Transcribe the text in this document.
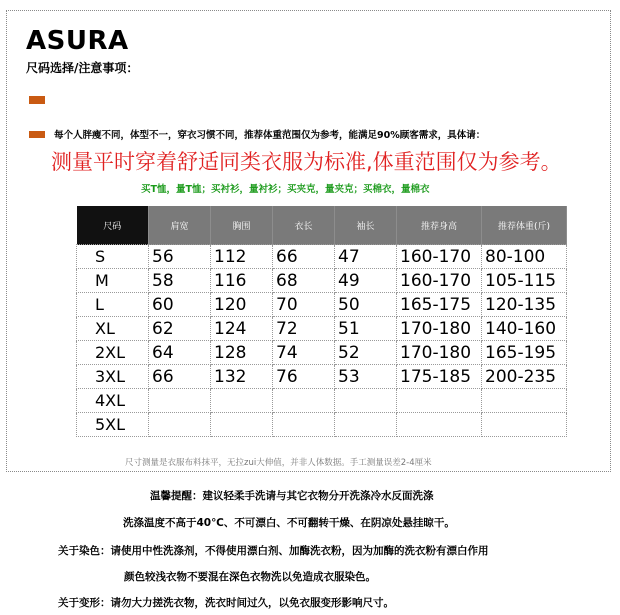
ASURA
尺码选择/注意事项：
每个人胖瘦不同，体型不一，穿衣习惯不同，推荐体重范围仅为参考，能满足90%顾客需求，具体请：
测量平时穿着舒适同类衣服为标准,体重范围仅为参考。
买T恤，量T恤；买衬衫，量衬衫；买夹克，量夹克；买棉衣，量棉衣
尺码	肩宽	胸围	衣长	袖长	推荐身高	推荐体重(斤)
S	56	112	66	47	160-170	80-100
M	58	116	68	49	160-170	105-115
L	60	120	70	50	165-175	120-135
XL	62	124	72	51	170-180	140-160
2XL	64	128	74	52	170-180	165-195
3XL	66	132	76	53	175-185	200-235
4XL						
5XL						
尺寸测量是衣服布料抹平，无拉zui大伸值，并非人体数据。手工测量误差2-4厘米
温馨提醒：建议轻柔手洗请与其它衣物分开洗涤冷水反面洗涤
洗涤温度不高于40℃、不可漂白、不可翻转干燥、在阴凉处悬挂晾干。
关于染色：请使用中性洗涤剂，不得使用漂白剂、加酶洗衣粉，因为加酶的洗衣粉有漂白作用
颜色较浅衣物不要混在深色衣物洗以免造成衣服染色。
关于变形：请勿大力搓洗衣物，洗衣时间过久，以免衣服变形影响尺寸。
